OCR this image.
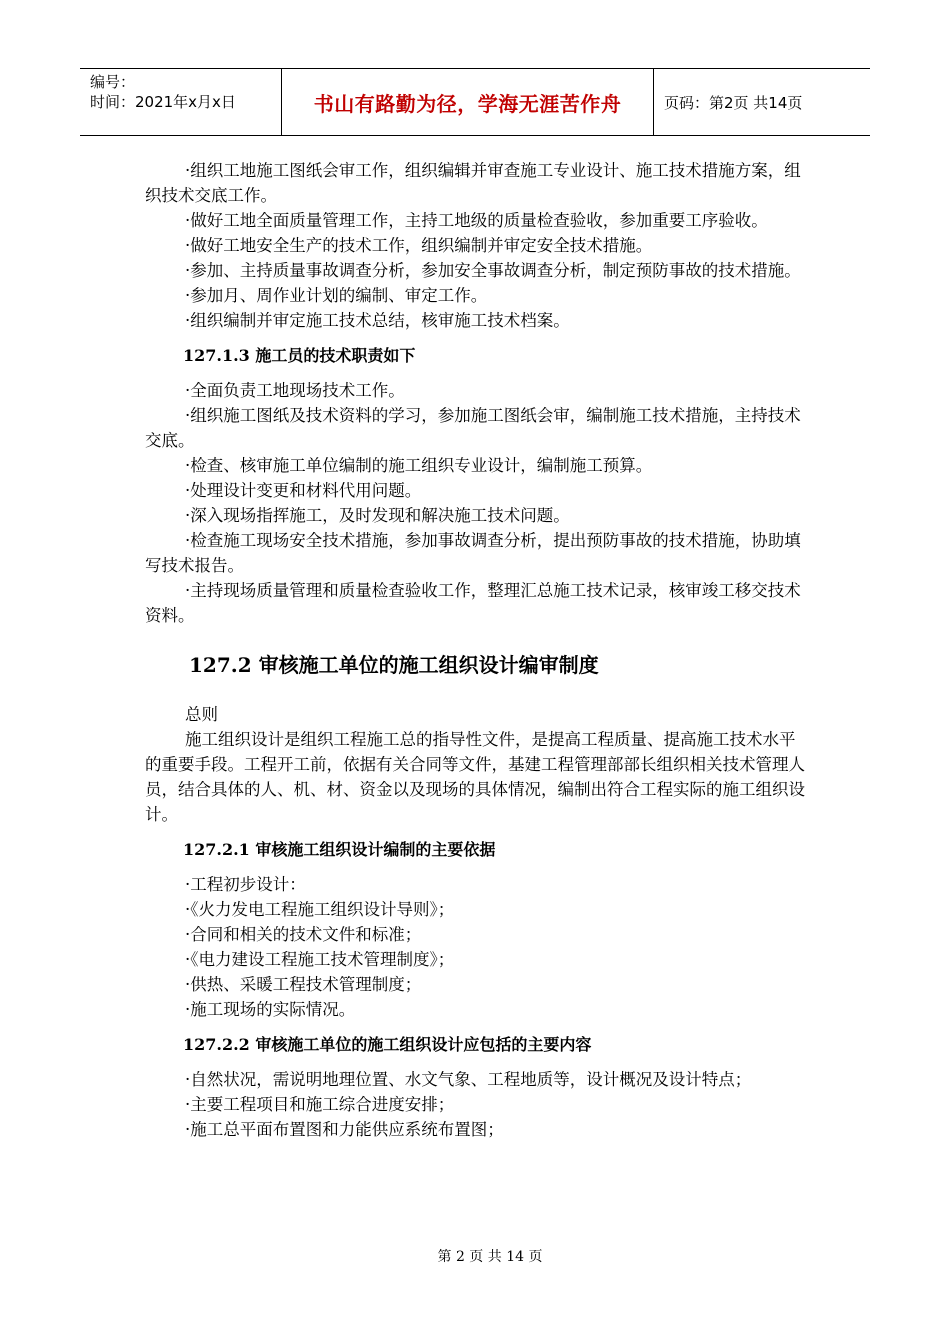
编号：
时间：2021年x月x日	书山有路勤为径，学海无涯苦作舟	页码：第2页 共14页

·组织工地施工图纸会审工作，组织编辑并审查施工专业设计、施工技术措施方案，组织技术交底工作。

·做好工地全面质量管理工作，主持工地级的质量检查验收，参加重要工序验收。

·做好工地安全生产的技术工作，组织编制并审定安全技术措施。

·参加、主持质量事故调查分析，参加安全事故调查分析，制定预防事故的技术措施。

·参加月、周作业计划的编制、审定工作。

·组织编制并审定施工技术总结，核审施工技术档案。

127.1.3 施工员的技术职责如下

·全面负责工地现场技术工作。

·组织施工图纸及技术资料的学习，参加施工图纸会审，编制施工技术措施，主持技术交底。

·检查、核审施工单位编制的施工组织专业设计，编制施工预算。

·处理设计变更和材料代用问题。

·深入现场指挥施工，及时发现和解决施工技术问题。

·检查施工现场安全技术措施，参加事故调查分析，提出预防事故的技术措施，协助填写技术报告。

·主持现场质量管理和质量检查验收工作，整理汇总施工技术记录，核审竣工移交技术资料。

127.2 审核施工单位的施工组织设计编审制度

总则

施工组织设计是组织工程施工总的指导性文件，是提高工程质量、提高施工技术水平的重要手段。工程开工前，依据有关合同等文件，基建工程管理部部长组织相关技术管理人员，结合具体的人、机、材、资金以及现场的具体情况，编制出符合工程实际的施工组织设计。

127.2.1 审核施工组织设计编制的主要依据

·工程初步设计：

·《火力发电工程施工组织设计导则》；

·合同和相关的技术文件和标准；

·《电力建设工程施工技术管理制度》；

·供热、采暖工程技术管理制度；

·施工现场的实际情况。

127.2.2 审核施工单位的施工组织设计应包括的主要内容

·自然状况，需说明地理位置、水文气象、工程地质等，设计概况及设计特点；

·主要工程项目和施工综合进度安排；

·施工总平面布置图和力能供应系统布置图；

第 2 页 共 14 页
